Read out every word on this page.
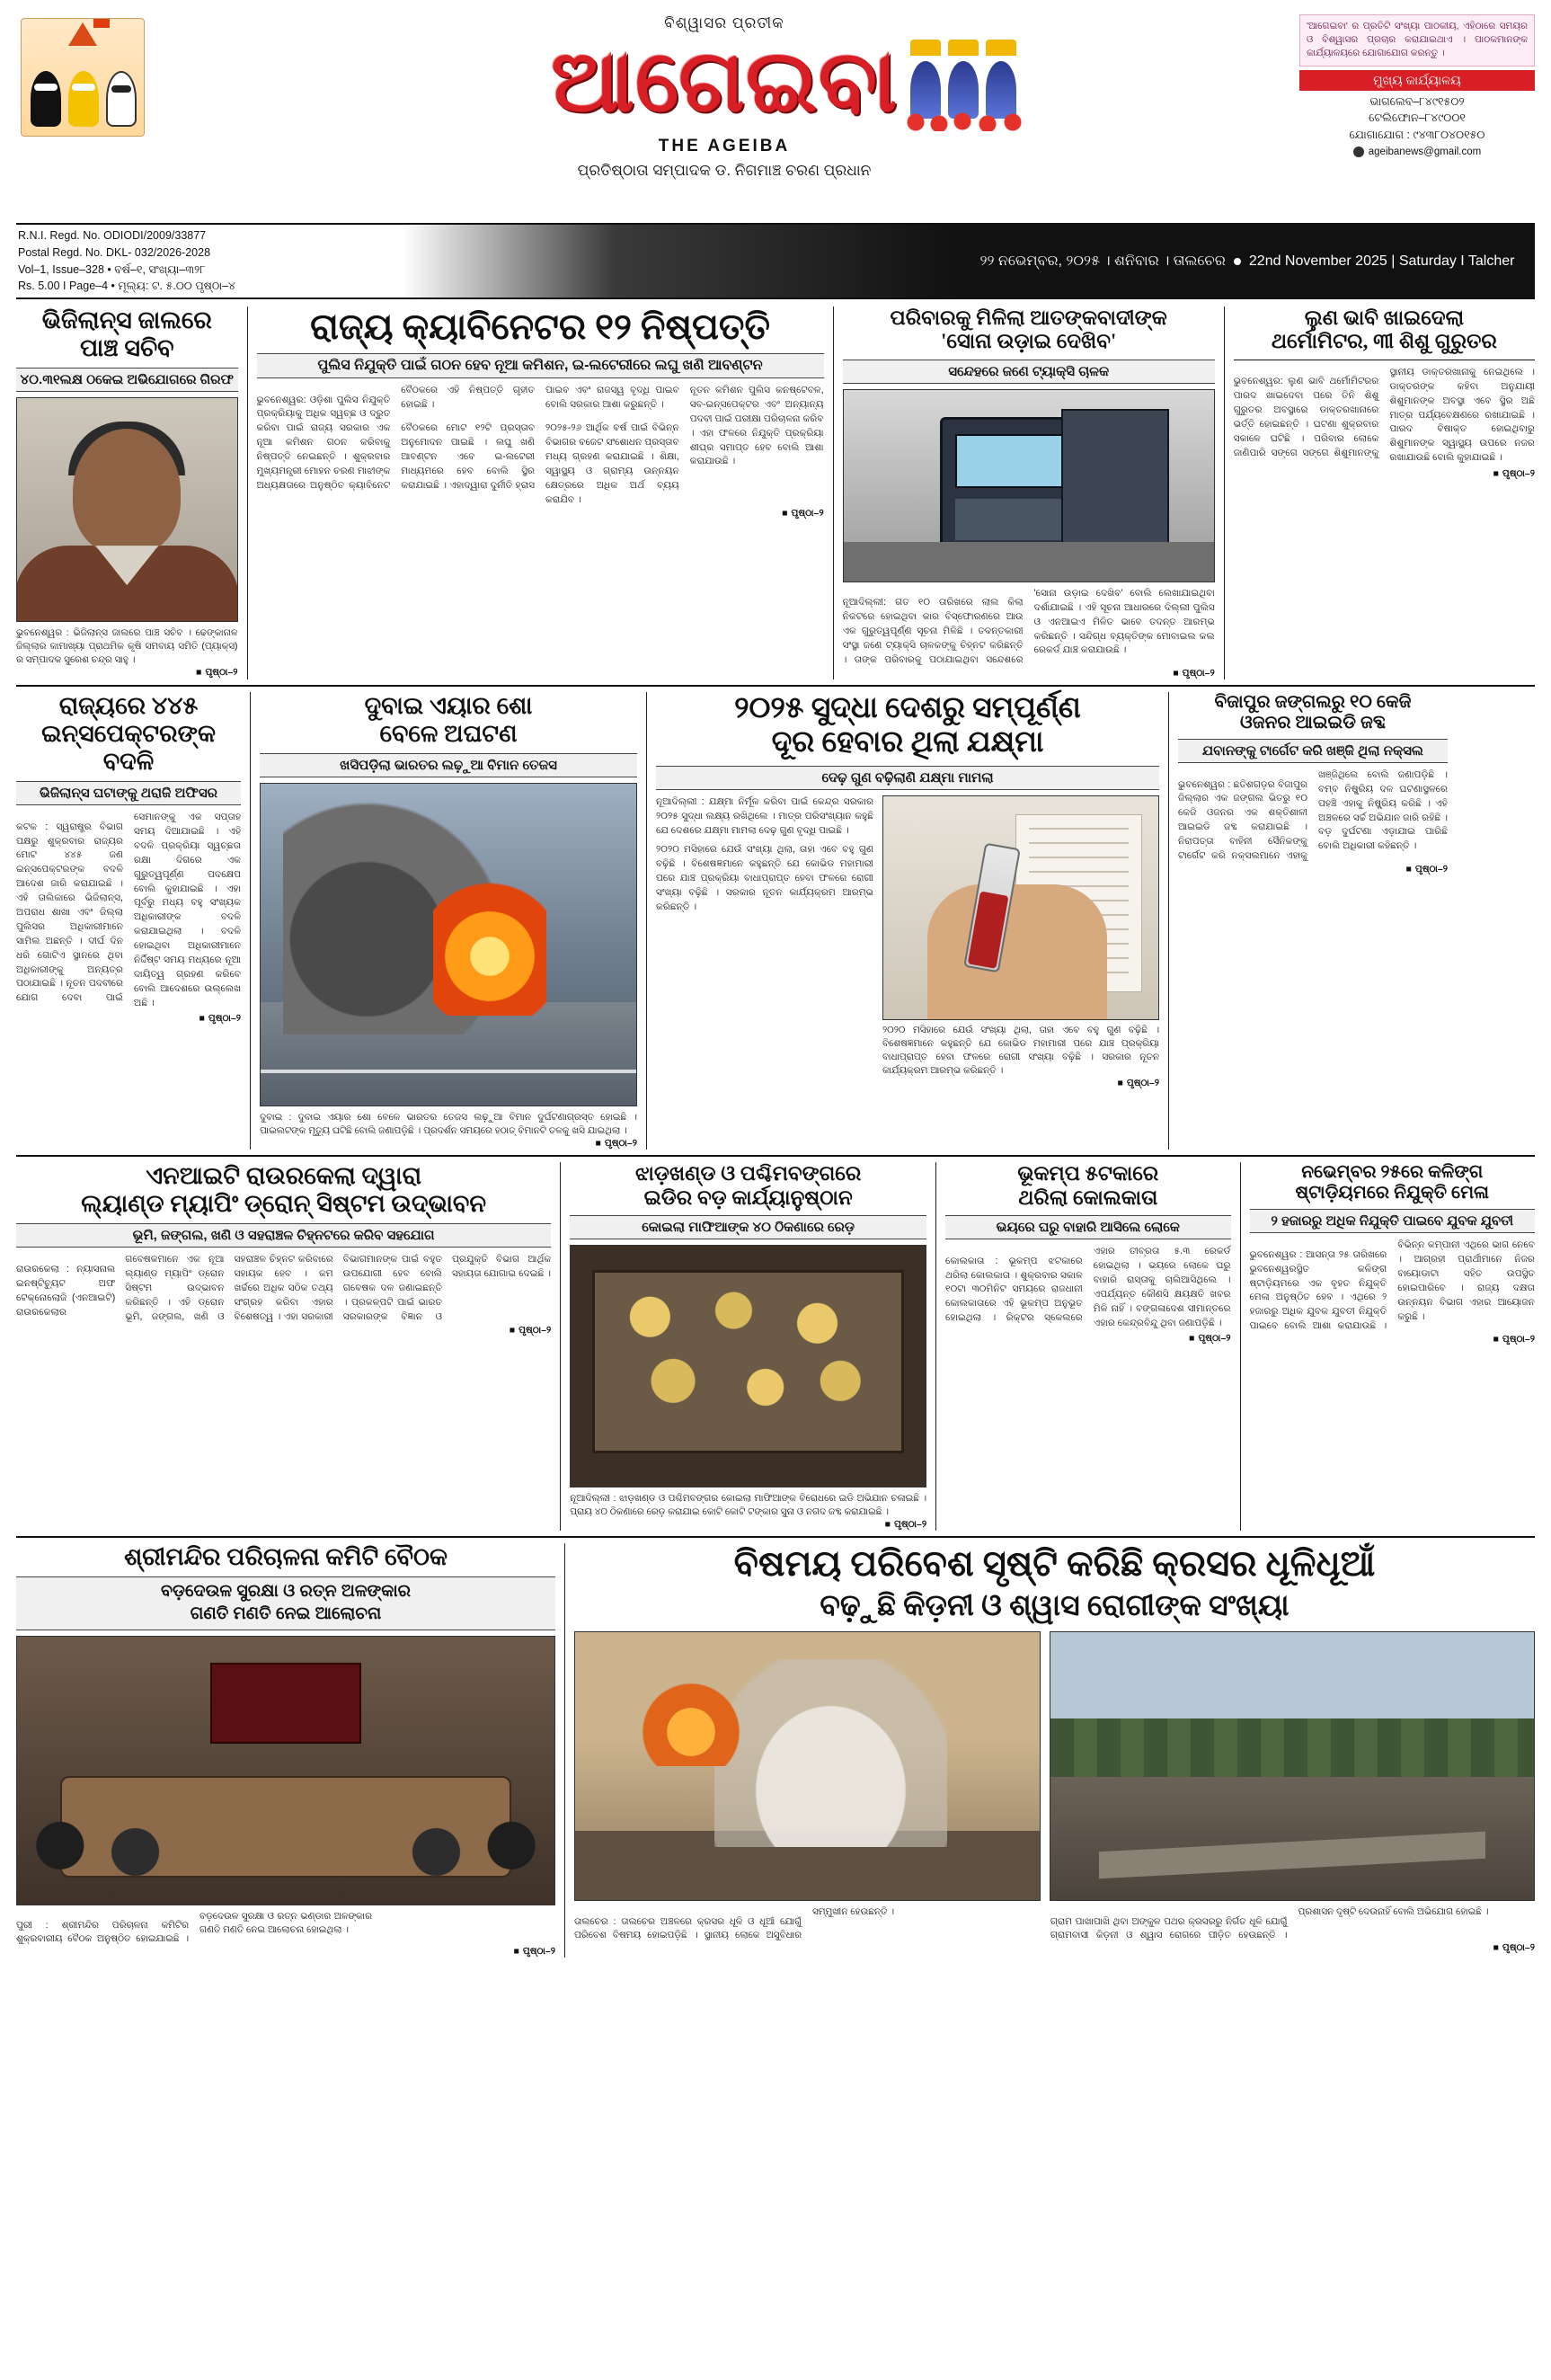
ବିଶ୍ୱାସର ପ୍ରତୀକ
ଆଗେଇବା
THE AGEIBA
ପ୍ରତିଷ୍ଠାତା ସମ୍ପାଦକ ଡ. ନିଗମାଞ୍ଚ ଚରଣ ପ୍ରଧାନ
'ଆଗେଇବା' ର ପ୍ରତିଟି ସଂଖ୍ୟା ପାଠକୀୟ, ଏହିଠାରେ ସମୟର ଓ ବିଶ୍ୱାସର ପ୍ରଚାର କରାଯାଇଥାଏ । ପାଠକମାନଙ୍କ କାର୍ଯ୍ୟାଳୟରେ ଯୋଗାଯୋଗ କରନ୍ତୁ ।
ମୁଖ୍ୟ କାର୍ଯ୍ୟାଳୟ
ଭାଗଲେବ–୮୪୯୧୫୦୨
ଟେଲିଫୋନ–୮୪୯୦୦୧
ଯୋଗାଯୋଗ : ୯୪୩୮୦୪୦୧୫୦
ageibanews@gmail.com
R.N.I. Regd. No. ODIODI/2009/33877
Postal Regd. No. DKL- 032/2026-2028
Vol–1, Issue–328 • ବର୍ଷ–୧, ସଂଖ୍ୟା–୩୨୮
Rs. 5.00 I Page–4 • ମୂଲ୍ୟ: ଟ. ୫.୦୦ ପୃଷ୍ଠା–୪
୨୨ ନଭେମ୍ବର, ୨୦୨୫ । ଶନିବାର । ତାଲଚେର 22nd November 2025 | Saturday I Talcher
ଭିଜିଲାନ୍ସ ଜାଲରେ
ପାଞ୍ଚ ସଚିବ
୪୦.୩୧ଲକ୍ଷ ଠକେଇ ଅଭିଯୋଗରେ ଗିରଫ
ଭୁବନେଶ୍ୱର : ଭିଜିଲାନ୍ସ ଜାଲରେ ପାଞ୍ଚ ସଚିବ । ଢେଙ୍କାନାଳ ଜିଲ୍ଲାର କାମାଖ୍ୟା ପ୍ରାଥମିକ କୃଷି ସମବାୟ ସମିତି (ପ୍ୟାକ୍ସ) ର ସମ୍ପାଦକ ସୁରେଶ ଚନ୍ଦ୍ର ସାହୁ ।
■ ପୃଷ୍ଠା–୨
ରାଜ୍ୟ କ୍ୟାବିନେଟର ୧୨ ନିଷ୍ପତ୍ତି
ପୁଲିସ ନିଯୁକ୍ତି ପାଇଁ ଗଠନ ହେବ ନୂଆ କମିଶନ, ଇ-ଲଟେରୀରେ ଲଘୁ ଖଣି ଆବଣ୍ଟନ

ଭୁବନେଶ୍ୱର: ଓଡ଼ିଶା ପୁଲିସ ନିଯୁକ୍ତି ପ୍ରକ୍ରିୟାକୁ ଅଧିକ ସ୍ୱଚ୍ଛ ଓ ଦ୍ରୁତ କରିବା ପାଇଁ ରାଜ୍ୟ ସରକାର ଏକ ନୂଆ କମିଶନ ଗଠନ କରିବାକୁ ନିଷ୍ପତ୍ତି ନେଇଛନ୍ତି । ଶୁକ୍ରବାର ମୁଖ୍ୟମନ୍ତ୍ରୀ ମୋହନ ଚରଣ ମାଝୀଙ୍କ ଅଧ୍ୟକ୍ଷତାରେ ଅନୁଷ୍ଠିତ କ୍ୟାବିନେଟ ବୈଠକରେ ଏହି ନିଷ୍ପତ୍ତି ଗୃହୀତ ହୋଇଛି ।

ବୈଠକରେ ମୋଟ ୧୨ଟି ପ୍ରସ୍ତାବ ଅନୁମୋଦନ ପାଇଛି । ଲଘୁ ଖଣି ଆବଣ୍ଟନ ଏବେ ଇ-ଲଟେରୀ ମାଧ୍ୟମରେ ହେବ ବୋଲି ସ୍ଥିର କରାଯାଇଛି । ଏହାଦ୍ୱାରା ଦୁର୍ନୀତି ହ୍ରାସ ପାଇବ ଏବଂ ରାଜସ୍ୱ ବୃଦ୍ଧି ପାଇବ ବୋଲି ସରକାର ଆଶା କରୁଛନ୍ତି ।

୨୦୨୫-୨୬ ଆର୍ଥିକ ବର୍ଷ ପାଇଁ ବିଭିନ୍ନ ବିଭାଗର ବଜେଟ ସଂଶୋଧନ ପ୍ରସ୍ତାବ ମଧ୍ୟ ଗ୍ରହଣ କରାଯାଇଛି । ଶିକ୍ଷା, ସ୍ୱାସ୍ଥ୍ୟ ଓ ଗ୍ରାମ୍ୟ ଉନ୍ନୟନ କ୍ଷେତ୍ରରେ ଅଧିକ ଅର୍ଥ ବ୍ୟୟ କରାଯିବ ।

ନୂତନ କମିଶନ ପୁଲିସ କନଷ୍ଟେବଳ, ସବ-ଇନ୍ସପେକ୍ଟର ଏବଂ ଅନ୍ୟାନ୍ୟ ପଦବୀ ପାଇଁ ପରୀକ୍ଷା ପରିଚାଳନା କରିବ । ଏହା ଫଳରେ ନିଯୁକ୍ତି ପ୍ରକ୍ରିୟା ଶୀଘ୍ର ସମାପ୍ତ ହେବ ବୋଲି ଆଶା କରାଯାଉଛି ।

■ ପୃଷ୍ଠା–୨
ପରିବାରକୁ ମିଳିଲା ଆତଙ୍କବାଦୀଙ୍କ
'ସୋନା ଉଡ଼ାଇ ଦେଖିବ'
ସନ୍ଦେହରେ ଜଣେ ଟ୍ୟାକ୍ସି ଚାଳକ

ନୂଆଦିଲ୍ଲୀ: ଗତ ୧୦ ତାରିଖରେ ଲାଲ କିଲା ନିକଟରେ ହୋଇଥିବା କାର ବିସ୍ଫୋରଣରେ ଆଉ ଏକ ଗୁରୁତ୍ୱପୂର୍ଣ୍ଣ ସୂଚନା ମିଳିଛି । ତଦନ୍ତକାରୀ ସଂସ୍ଥା ଜଣେ ଟ୍ୟାକ୍ସି ଚାଳକଙ୍କୁ ଚିହ୍ନଟ କରିଛନ୍ତି । ତାଙ୍କ ପରିବାରକୁ ପଠାଯାଇଥିବା ସନ୍ଦେଶରେ 'ସୋନା ଉଡ଼ାଇ ଦେଖିବ' ବୋଲି ଲେଖାଯାଇଥିବା ଦର୍ଶାଯାଇଛି । ଏହି ସୂଚନା ଆଧାରରେ ଦିଲ୍ଲୀ ପୁଲିସ ଓ ଏନଆଇଏ ମିଳିତ ଭାବେ ତଦନ୍ତ ଆରମ୍ଭ କରିଛନ୍ତି । ସନ୍ଦିଗ୍ଧ ବ୍ୟକ୍ତିଙ୍କ ମୋବାଇଲ କଲ ରେକର୍ଡ ଯାଞ୍ଚ କରାଯାଉଛି ।

■ ପୃଷ୍ଠା–୨
ଲୁଣ ଭାବି ଖାଇଦେଲା
ଥର୍ମୋମିଟର, ୩ୀ ଶିଶୁ ଗୁରୁତର

ଭୁବନେଶ୍ୱର: ଲୁଣ ଭାବି ଥର୍ମୋମିଟରର ପାରଦ ଖାଇଦେବା ପରେ ତିନି ଶିଶୁ ଗୁରୁତର ଅବସ୍ଥାରେ ଡାକ୍ତରଖାନାରେ ଭର୍ତ୍ତି ହୋଇଛନ୍ତି । ଘଟଣା ଶୁକ୍ରବାର ସକାଳେ ଘଟିଛି । ପରିବାର ଲୋକେ ଜାଣିପାରି ସଙ୍ଗେ ସଙ୍ଗେ ଶିଶୁମାନଙ୍କୁ ସ୍ଥାନୀୟ ଡାକ୍ତରଖାନାକୁ ନେଇଥିଲେ । ଡାକ୍ତରଙ୍କ କହିବା ଅନୁଯାୟୀ ଶିଶୁମାନଙ୍କ ଅବସ୍ଥା ଏବେ ସ୍ଥିର ଅଛି ମାତ୍ର ପର୍ଯ୍ୟବେକ୍ଷଣରେ ରଖାଯାଇଛି । ପାରଦ ବିଷାକ୍ତ ହୋଇଥିବାରୁ ଶିଶୁମାନଙ୍କ ସ୍ୱାସ୍ଥ୍ୟ ଉପରେ ନଜର ରଖାଯାଉଛି ବୋଲି କୁହାଯାଇଛି ।

■ ପୃଷ୍ଠା–୨
ରାଜ୍ୟରେ ୪୪୫
ଇନ୍ସପେକ୍ଟରଙ୍କ ବଦଳି
ଭିଜିଲାନ୍ସ ଘଟାଙ୍କୁ ଥରାଜି ଅଫିସର

କଟକ : ସ୍ୱରାଷ୍ଟ୍ର ବିଭାଗ ପକ୍ଷରୁ ଶୁକ୍ରବାର ରାଜ୍ୟର ମୋଟ ୪୪୫ ଜଣ ଇନ୍ସପେକ୍ଟରଙ୍କ ବଦଳି ଆଦେଶ ଜାରି କରାଯାଇଛି । ଏହି ତାଲିକାରେ ଭିଜିଲାନ୍ସ, ଅପରାଧ ଶାଖା ଏବଂ ଜିଲ୍ଲା ପୁଲିସର ଅଧିକାରୀମାନେ ସାମିଲ ଅଛନ୍ତି । ଦୀର୍ଘ ଦିନ ଧରି ଗୋଟିଏ ସ୍ଥାନରେ ଥିବା ଅଧିକାରୀଙ୍କୁ ଅନ୍ୟତ୍ର ପଠାଯାଇଛି । ନୂତନ ପଦବୀରେ ଯୋଗ ଦେବା ପାଇଁ ସେମାନଙ୍କୁ ଏକ ସପ୍ତାହ ସମୟ ଦିଆଯାଇଛି । ଏହି ବଦଳି ପ୍ରକ୍ରିୟା ସ୍ୱଚ୍ଛତା ରକ୍ଷା ଦିଗରେ ଏକ ଗୁରୁତ୍ୱପୂର୍ଣ୍ଣ ପଦକ୍ଷେପ ବୋଲି କୁହାଯାଇଛି । ଏହା ପୂର୍ବରୁ ମଧ୍ୟ ବହୁ ସଂଖ୍ୟକ ଅଧିକାରୀଙ୍କ ବଦଳି କରାଯାଇଥିଲା । ବଦଳି ହୋଇଥିବା ଅଧିକାରୀମାନେ ନିର୍ଦ୍ଦିଷ୍ଟ ସମୟ ମଧ୍ୟରେ ନୂଆ ଦାୟିତ୍ୱ ଗ୍ରହଣ କରିବେ ବୋଲି ଆଦେଶରେ ଉଲ୍ଲେଖ ଅଛି ।

■ ପୃଷ୍ଠା–୨
ଦୁବାଇ ଏୟାର ଶୋ
ବେଳେ ଅଘଟଣ
ଖସିପଡ଼ିଲା ଭାରତର ଲଢ଼ୁଆ ବିମାନ ତେଜସ
ଦୁବାଇ : ଦୁବାଇ ଏୟାର ଶୋ ବେଳେ ଭାରତର ତେଜସ ଲଢ଼ୁଆ ବିମାନ ଦୁର୍ଘଟଣାଗ୍ରସ୍ତ ହୋଇଛି । ପାଇଲଟଙ୍କ ମୃତ୍ୟୁ ଘଟିଛି ବୋଲି ଜଣାପଡ଼ିଛି । ପ୍ରଦର୍ଶନ ସମୟରେ ହଠାତ୍ ବିମାନଟି ତଳକୁ ଖସି ଯାଇଥିଲା ।
■ ପୃଷ୍ଠା–୨
୨୦୨୫ ସୁଦ୍ଧା ଦେଶରୁ ସମ୍ପୂର୍ଣ୍ଣ
ଦୂର ହେବାର ଥିଲା ଯକ୍ଷ୍ମା
ଦେଢ଼ ଗୁଣ ବଢ଼ିଲାଣି ଯକ୍ଷ୍ମା ମାମଲା
ନୂଆଦିଲ୍ଲୀ : ଯକ୍ଷ୍ମା ନିର୍ମୂଳ କରିବା ପାଇଁ କେନ୍ଦ୍ର ସରକାର ୨୦୨୫ ସୁଦ୍ଧା ଲକ୍ଷ୍ୟ ରଖିଥିଲେ । ମାତ୍ର ପରିସଂଖ୍ୟାନ କହୁଛି ଯେ ଦେଶରେ ଯକ୍ଷ୍ମା ମାମଲା ଦେଢ଼ ଗୁଣ ବୃଦ୍ଧି ପାଇଛି ।
୨୦୨୦ ମସିହାରେ ଯେଉଁ ସଂଖ୍ୟା ଥିଲା, ତାହା ଏବେ ବହୁ ଗୁଣ ବଢ଼ିଛି । ବିଶେଷଜ୍ଞମାନେ କହୁଛନ୍ତି ଯେ କୋଭିଡ ମହାମାରୀ ପରେ ଯାଞ୍ଚ ପ୍ରକ୍ରିୟା ବାଧାପ୍ରାପ୍ତ ହେବା ଫଳରେ ରୋଗୀ ସଂଖ୍ୟା ବଢ଼ିଛି । ସରକାର ନୂତନ କାର୍ଯ୍ୟକ୍ରମ ଆରମ୍ଭ କରିଛନ୍ତି ।
୨୦୨୦ ମସିହାରେ ଯେଉଁ ସଂଖ୍ୟା ଥିଲା, ତାହା ଏବେ ବହୁ ଗୁଣ ବଢ଼ିଛି । ବିଶେଷଜ୍ଞମାନେ କହୁଛନ୍ତି ଯେ କୋଭିଡ ମହାମାରୀ ପରେ ଯାଞ୍ଚ ପ୍ରକ୍ରିୟା ବାଧାପ୍ରାପ୍ତ ହେବା ଫଳରେ ରୋଗୀ ସଂଖ୍ୟା ବଢ଼ିଛି । ସରକାର ନୂତନ କାର୍ଯ୍ୟକ୍ରମ ଆରମ୍ଭ କରିଛନ୍ତି ।
■ ପୃଷ୍ଠା–୨
ବିଜାପୁର ଜଙ୍ଗଲରୁ ୧୦ କେଜି
ଓଜନର ଆଇଇଡି ଜବ୍ଦ
ଯବାନଙ୍କୁ ଟାର୍ଗେଟ କରି ଖଞ୍ଜି ଥିଲା ନକ୍ସଲ

ଭୁବନେଶ୍ୱର : ଛତିଶଗଡ଼ର ବିଜାପୁର ଜିଲ୍ଲାର ଏକ ଜଙ୍ଗଲ ଭିତରୁ ୧୦ କେଜି ଓଜନର ଏକ ଶକ୍ତିଶାଳୀ ଆଇଇଡି ଜବ୍ଦ କରାଯାଇଛି । ନିରାପତ୍ତା ବାହିନୀ ସୈନିକଙ୍କୁ ଟାର୍ଗେଟ କରି ନକ୍ସଲମାନେ ଏହାକୁ ଖଞ୍ଜିଥିଲେ ବୋଲି ଜଣାପଡ଼ିଛି । ବମ୍ବ ନିଷ୍କ୍ରିୟ ଦଳ ଘଟଣାସ୍ଥଳରେ ପହଞ୍ଚି ଏହାକୁ ନିଷ୍କ୍ରିୟ କରିଛି । ଏହି ଅଞ୍ଚଳରେ ସର୍ଚ୍ଚ ଅଭିଯାନ ଜାରି ରହିଛି । ବଡ଼ ଦୁର୍ଘଟଣା ଏଡ଼ାଯାଇ ପାରିଛି ବୋଲି ଅଧିକାରୀ କହିଛନ୍ତି ।

■ ପୃଷ୍ଠା–୨
ଏନଆଇଟି ରାଉରକେଲା ଦ୍ୱାରା
ଲ୍ୟାଣ୍ଡ ମ୍ୟାପିଂ ଡ୍ରୋନ୍ ସିଷ୍ଟମ ଉଦ୍ଭାବନ
ଭୂମି, ଜଙ୍ଗଲ, ଖଣି ଓ ସହରାଞ୍ଚଳ ଚିହ୍ନଟରେ କରିବ ସହଯୋଗ

ରାଉରକେଲା : ନ୍ୟାସନାଲ ଇନଷ୍ଟିଚ୍ୟୁଟ ଅଫ ଟେକ୍ନୋଲୋଜି (ଏନଆଇଟି) ରାଉରକେଲାର ଗବେଷକମାନେ ଏକ ନୂଆ ଲ୍ୟାଣ୍ଡ ମ୍ୟାପିଂ ଡ୍ରୋନ ସିଷ୍ଟମ ଉଦ୍ଭାବନ କରିଛନ୍ତି । ଏହି ଡ୍ରୋନ ଭୂମି, ଜଙ୍ଗଲ, ଖଣି ଓ ସହରାଞ୍ଚଳ ଚିହ୍ନଟ କରିବାରେ ସହାୟକ ହେବ । କମ ଖର୍ଚ୍ଚରେ ଅଧିକ ସଠିକ ତଥ୍ୟ ସଂଗ୍ରହ କରିବା ଏହାର ବିଶେଷତ୍ୱ । ଏହା ସରକାରୀ ବିଭାଗମାନଙ୍କ ପାଇଁ ବହୁତ ଉପଯୋଗୀ ହେବ ବୋଲି ଗବେଷକ ଦଳ ଜଣାଇଛନ୍ତି । ପ୍ରକଳ୍ପଟି ପାଇଁ ଭାରତ ସରକାରଙ୍କ ବିଜ୍ଞାନ ଓ ପ୍ରଯୁକ୍ତି ବିଭାଗ ଆର୍ଥିକ ସହାୟତା ଯୋଗାଇ ଦେଇଛି ।

■ ପୃଷ୍ଠା–୨
ଝାଡ଼ଖଣ୍ଡ ଓ ପଶ୍ଚିମବଙ୍ଗରେ
ଇଡିର ବଡ଼ କାର୍ଯ୍ୟାନୁଷ୍ଠାନ
କୋଇଲା ମାଫିଆଙ୍କ ୪୦ ଠିକଣାରେ ରେଡ଼
ନୂଆଦିଲ୍ଲୀ : ଝାଡ଼ଖଣ୍ଡ ଓ ପଶ୍ଚିମବଙ୍ଗର କୋଇଲା ମାଫିଆଙ୍କ ବିରୋଧରେ ଇଡି ଅଭିଯାନ ଚଳାଇଛି । ପ୍ରାୟ ୪୦ ଠିକଣାରେ ରେଡ଼ କରାଯାଇ କୋଟି କୋଟି ଟଙ୍କାର ସୁନା ଓ ନଗଦ ଜବ୍ଦ କରାଯାଇଛି ।
■ ପୃଷ୍ଠା–୨
ଭୂକମ୍ପ ୫ଟକାରେ
ଥରିଲା କୋଲକାତା
ଭୟରେ ଘରୁ ବାହାରି ଆସିଲେ ଲୋକେ

କୋଲକାତା : ଭୂକମ୍ପ ଝଟକାରେ ଥରିଲା କୋଲକାତା । ଶୁକ୍ରବାର ସକାଳ ୧୦ଟା ୩୦ମିନିଟ ସମୟରେ ରାଜଧାନୀ କୋଲକାତାରେ ଏହି ଭୂକମ୍ପ ଅନୁଭୂତ ହୋଇଥିଲା । ରିକ୍ଟର ସ୍କେଲରେ ଏହାର ତୀବ୍ରତା ୫.୩ ରେକର୍ଡ ହୋଇଥିଲା । ଭୟରେ ଲୋକେ ଘରୁ ବାହାରି ରାସ୍ତାକୁ ଚାଲିଆସିଥିଲେ । ଏପର୍ଯ୍ୟନ୍ତ କୌଣସି କ୍ଷୟକ୍ଷତି ଖବର ମିଳି ନାହିଁ । ବଙ୍ଗଳାଦେଶ ସୀମାନ୍ତରେ ଏହାର କେନ୍ଦ୍ରବିନ୍ଦୁ ଥିବା ଜଣାପଡ଼ିଛି ।

■ ପୃଷ୍ଠା–୨
ନଭେମ୍ବର ୨୫ରେ କଳିଙ୍ଗ
ଷ୍ଟାଡ଼ିୟମରେ ନିଯୁକ୍ତି ମେଳା
୨ ହଜାରରୁ ଅଧିକ ନିଯୁକ୍ତି ପାଇବେ ଯୁବକ ଯୁବତୀ

ଭୁବନେଶ୍ୱର : ଆସନ୍ତା ୨୫ ତାରିଖରେ ଭୁବନେଶ୍ୱରସ୍ଥିତ କଳିଙ୍ଗ ଷ୍ଟାଡ଼ିୟମରେ ଏକ ବୃହତ ନିଯୁକ୍ତି ମେଳା ଅନୁଷ୍ଠିତ ହେବ । ଏଥିରେ ୨ ହଜାରରୁ ଅଧିକ ଯୁବକ ଯୁବତୀ ନିଯୁକ୍ତି ପାଇବେ ବୋଲି ଆଶା କରାଯାଉଛି । ବିଭିନ୍ନ କମ୍ପାନୀ ଏଥିରେ ଭାଗ ନେବେ । ଆଗ୍ରହୀ ପ୍ରାର୍ଥୀମାନେ ନିଜର ବାୟୋଡାଟା ସହିତ ଉପସ୍ଥିତ ହୋଇପାରିବେ । ରାଜ୍ୟ ଦକ୍ଷତା ଉନ୍ନୟନ ବିଭାଗ ଏହାର ଆୟୋଜନ କରୁଛି ।

■ ପୃଷ୍ଠା–୨
ଶ୍ରୀମନ୍ଦିର ପରିଚାଳନା କମିଟି ବୈଠକ
ବଡ଼ଦେଉଳ ସୁରକ୍ଷା ଓ ରତ୍ନ ଅଳଙ୍କାର
ଗଣତି ମଣତି ନେଇ ଆଲୋଚନା

ପୁରୀ : ଶ୍ରୀମନ୍ଦିର ପରିଚାଳନା କମିଟିର ଶୁକ୍ରବାରୀୟ ବୈଠକ ଅନୁଷ୍ଠିତ ହୋଇଯାଇଛି । ବଡ଼ଦେଉଳ ସୁରକ୍ଷା ଓ ରତ୍ନ ଭଣ୍ଡାର ଅଳଙ୍କାର ଗଣତି ମଣତି ନେଇ ଆଲୋଚନା ହୋଇଥିଲା ।

■ ପୃଷ୍ଠା–୨
ବିଷମୟ ପରିବେଶ ସୃଷ୍ଟି କରିଛି କ୍ରସର ଧୂଳିଧୂଆଁ
ବଢ଼ୁଛି କିଡ଼ନୀ ଓ ଶ୍ୱାସ ରୋଗୀଙ୍କ ସଂଖ୍ୟା

ତାଲଚେର : ତାଲଚେର ଅଞ୍ଚଳରେ କ୍ରସର ଧୂଳି ଓ ଧୂଆଁ ଯୋଗୁଁ ପରିବେଶ ବିଷମୟ ହୋଇପଡ଼ିଛି । ସ୍ଥାନୀୟ ଲୋକେ ଅସୁବିଧାର ସମ୍ମୁଖୀନ ହେଉଛନ୍ତି ।

ଗ୍ରାମ ପାଖାପାଖି ଥିବା ଅଙ୍କୁଳ ପଥର କ୍ରସରରୁ ନିର୍ଗତ ଧୂଳି ଯୋଗୁଁ ଗ୍ରାମବାସୀ କିଡ଼ନୀ ଓ ଶ୍ୱାସ ରୋଗରେ ପୀଡ଼ିତ ହେଉଛନ୍ତି । ପ୍ରଶାସନ ଦୃଷ୍ଟି ଦେଉନାହିଁ ବୋଲି ଅଭିଯୋଗ ହୋଇଛି ।

■ ପୃଷ୍ଠା–୨
